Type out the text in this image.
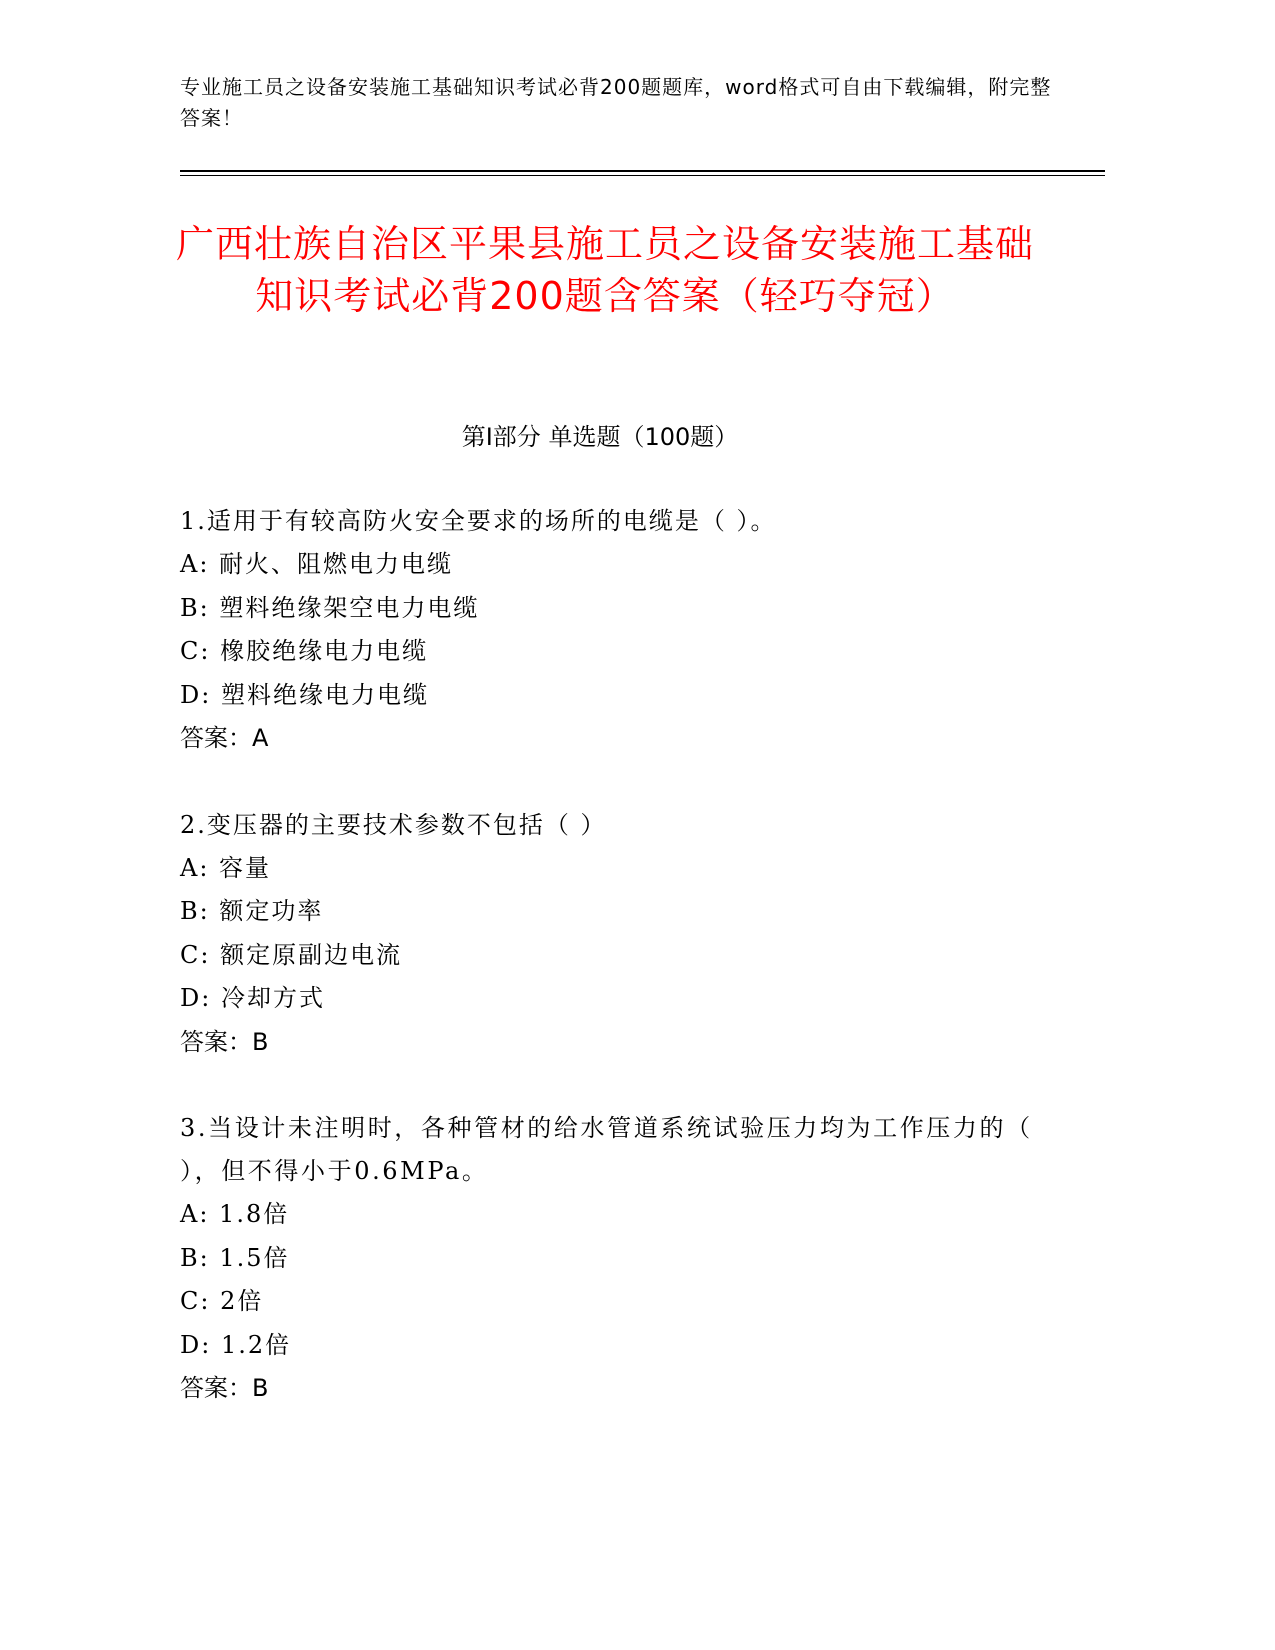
专业施工员之设备安装施工基础知识考试必背200题题库，word格式可自由下载编辑，附完整答案！
广西壮族自治区平果县施工员之设备安装施工基础知识考试必背200题含答案（轻巧夺冠）
第I部分 单选题（100题）
1.适用于有较高防火安全要求的场所的电缆是（ ）。
A: 耐火、阻燃电力电缆
B: 塑料绝缘架空电力电缆
C: 橡胶绝缘电力电缆
D: 塑料绝缘电力电缆
答案：A
2.变压器的主要技术参数不包括（ ）
A: 容量
B: 额定功率
C: 额定原副边电流
D: 冷却方式
答案：B
3.当设计未注明时，各种管材的给水管道系统试验压力均为工作压力的（ ），但不得小于0.6MPa。
A: 1.8倍
B: 1.5倍
C: 2倍
D: 1.2倍
答案：B
